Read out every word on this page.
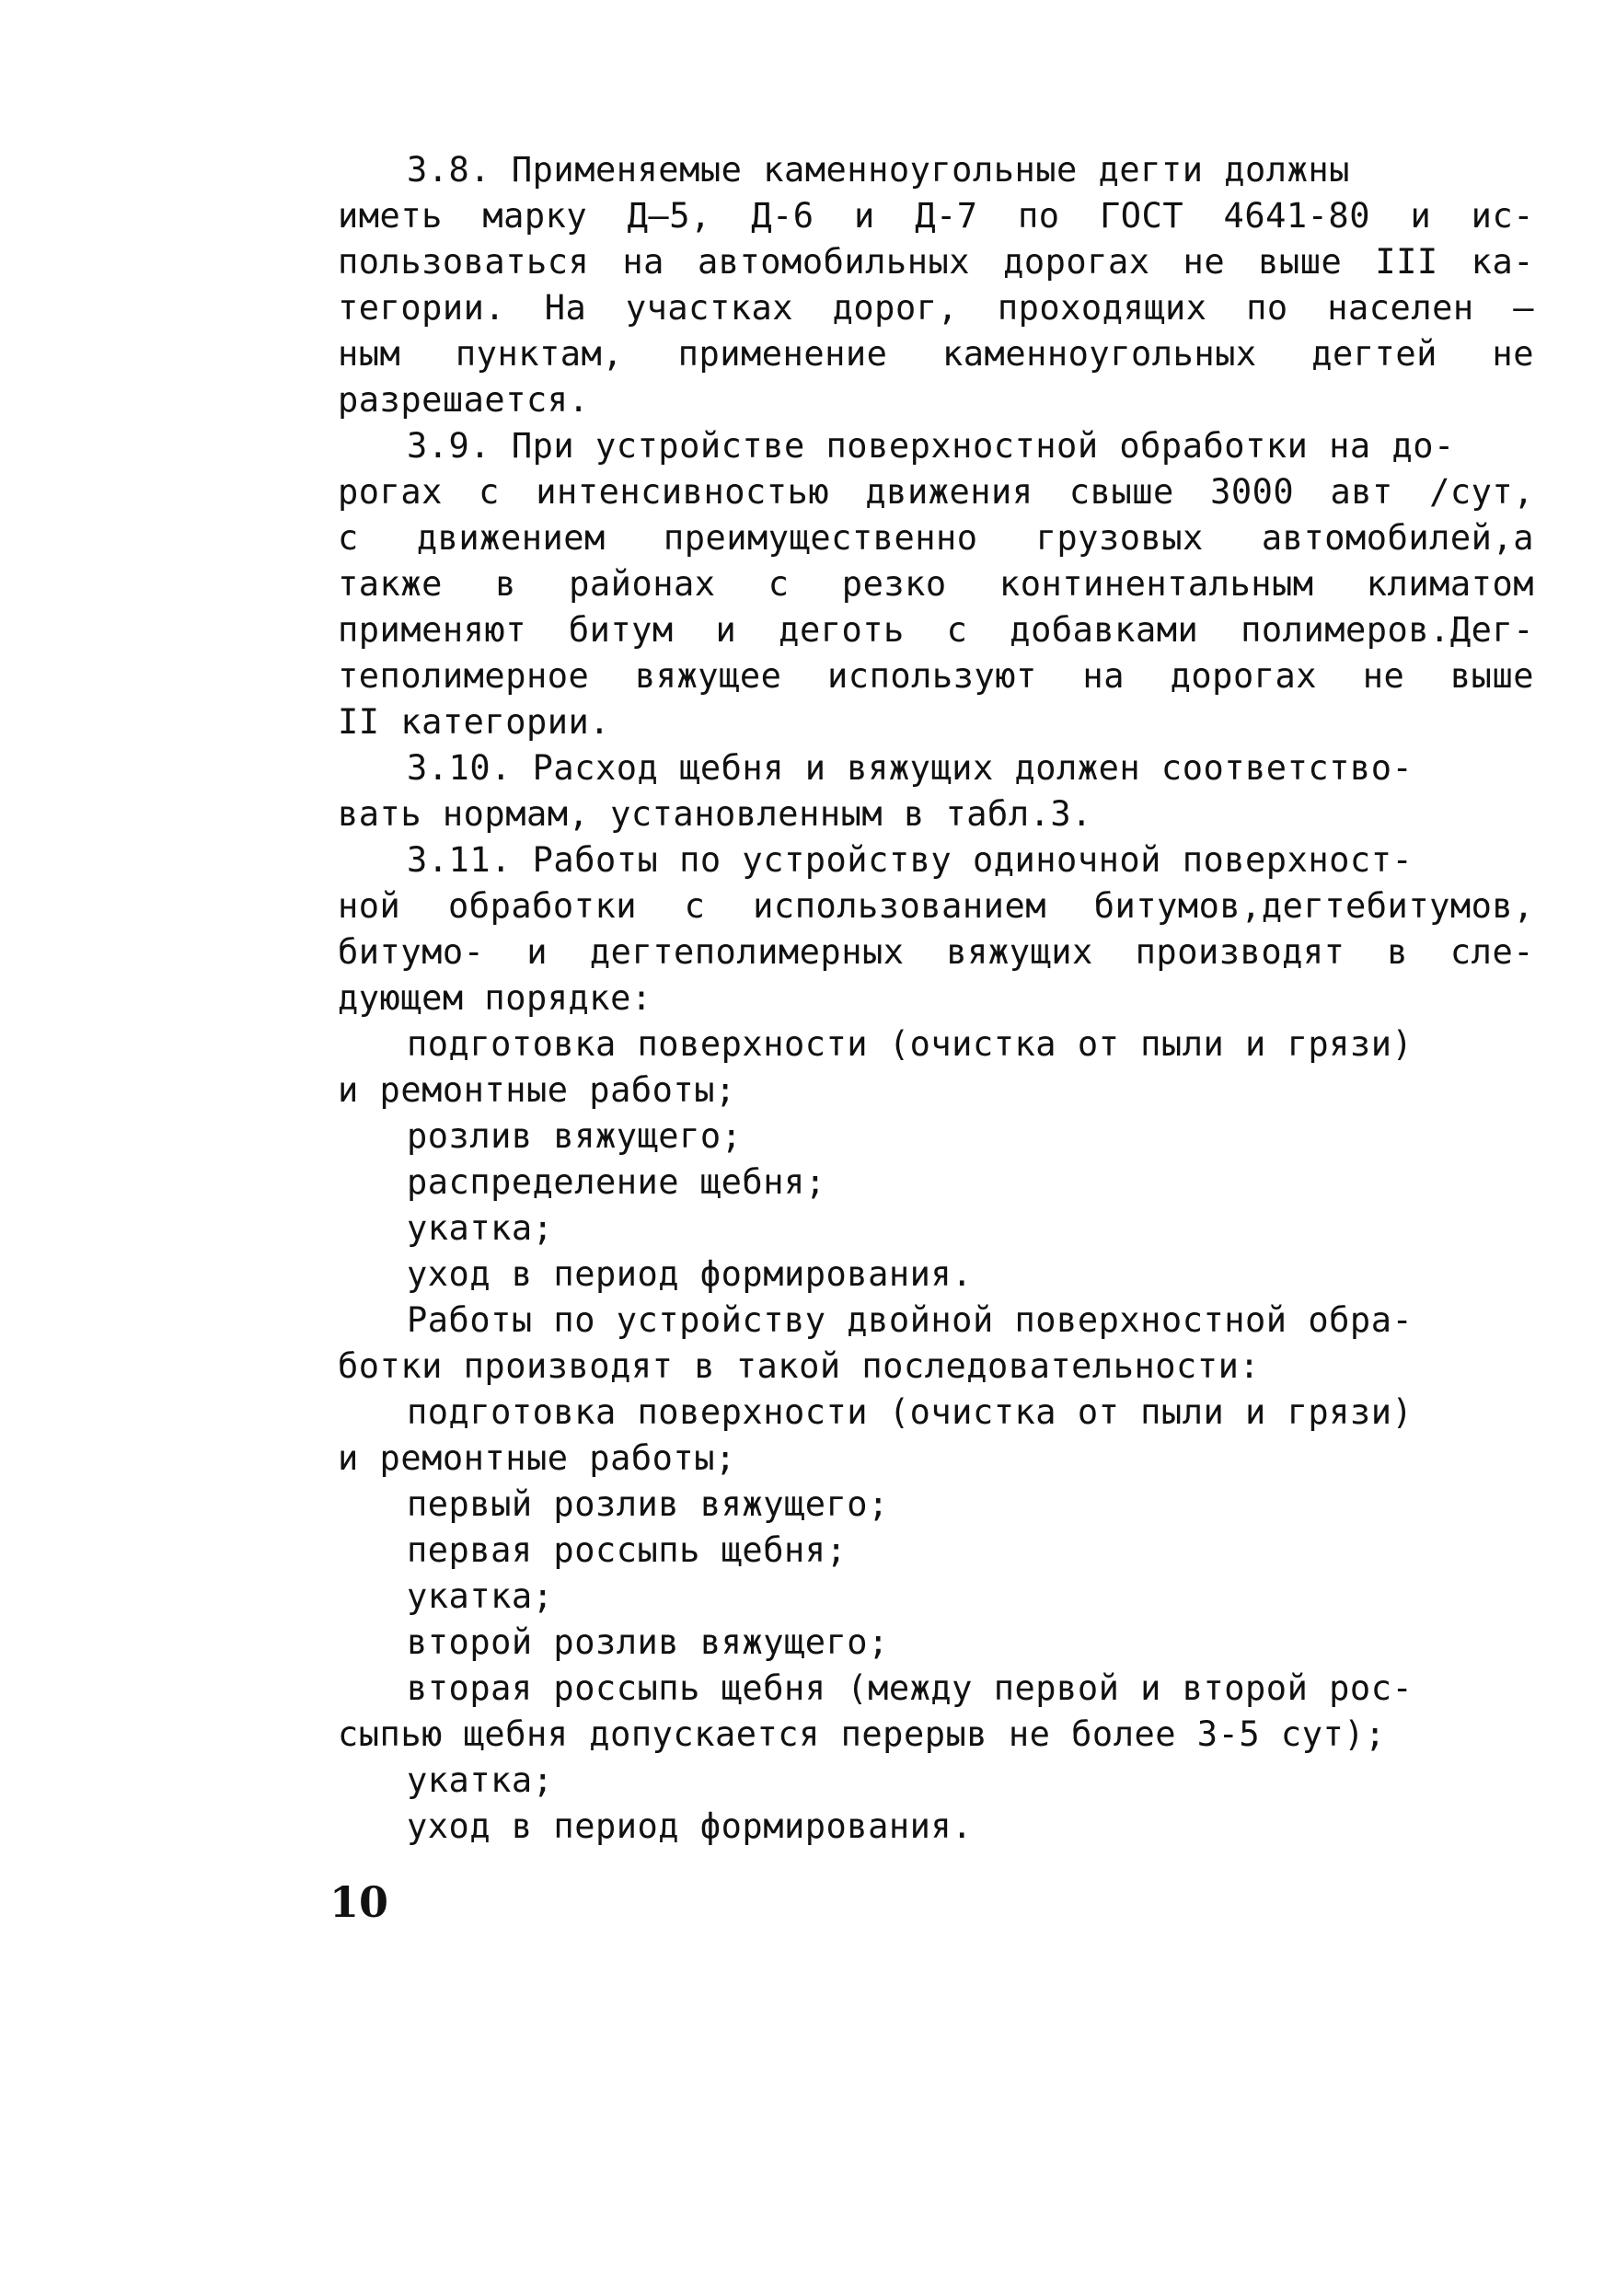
3.8. Применяемые каменноугольные дегти должны
иметь марку Д–5, Д-6 и Д-7 по ГОСТ 4641-80 и ис-
пользоваться на автомобильных дорогах не выше III ка-
тегории. На участках дорог, проходящих по населен –
ным пунктам, применение каменноугольных дегтей не
разрешается.
3.9. При устройстве поверхностной обработки на до-
рогах с интенсивностью движения свыше 3000 авт /сут,
с движением преимущественно грузовых автомобилей,а
также в районах с резко континентальным климатом
применяют битум и деготь с добавками полимеров.Дег-
теполимерное вяжущее используют на дорогах не выше
II категории.
3.10. Расход щебня и вяжущих должен соответство-
вать нормам, установленным в табл.3.
3.11. Работы по устройству одиночной поверхност-
ной обработки с использованием битумов,дегтебитумов,
битумо- и дегтеполимерных вяжущих производят в сле-
дующем порядке:
подготовка поверхности (очистка от пыли и грязи)
и ремонтные работы;
розлив вяжущего;
распределение щебня;
укатка;
уход в период формирования.
Работы по устройству двойной поверхностной обра-
ботки производят в такой последовательности:
подготовка поверхности (очистка от пыли и грязи)
и ремонтные работы;
первый розлив вяжущего;
первая россыпь щебня;
укатка;
второй розлив вяжущего;
вторая россыпь щебня (между первой и второй рос-
сыпью щебня допускается перерыв не более 3-5 сут);
укатка;
уход в период формирования.
10
